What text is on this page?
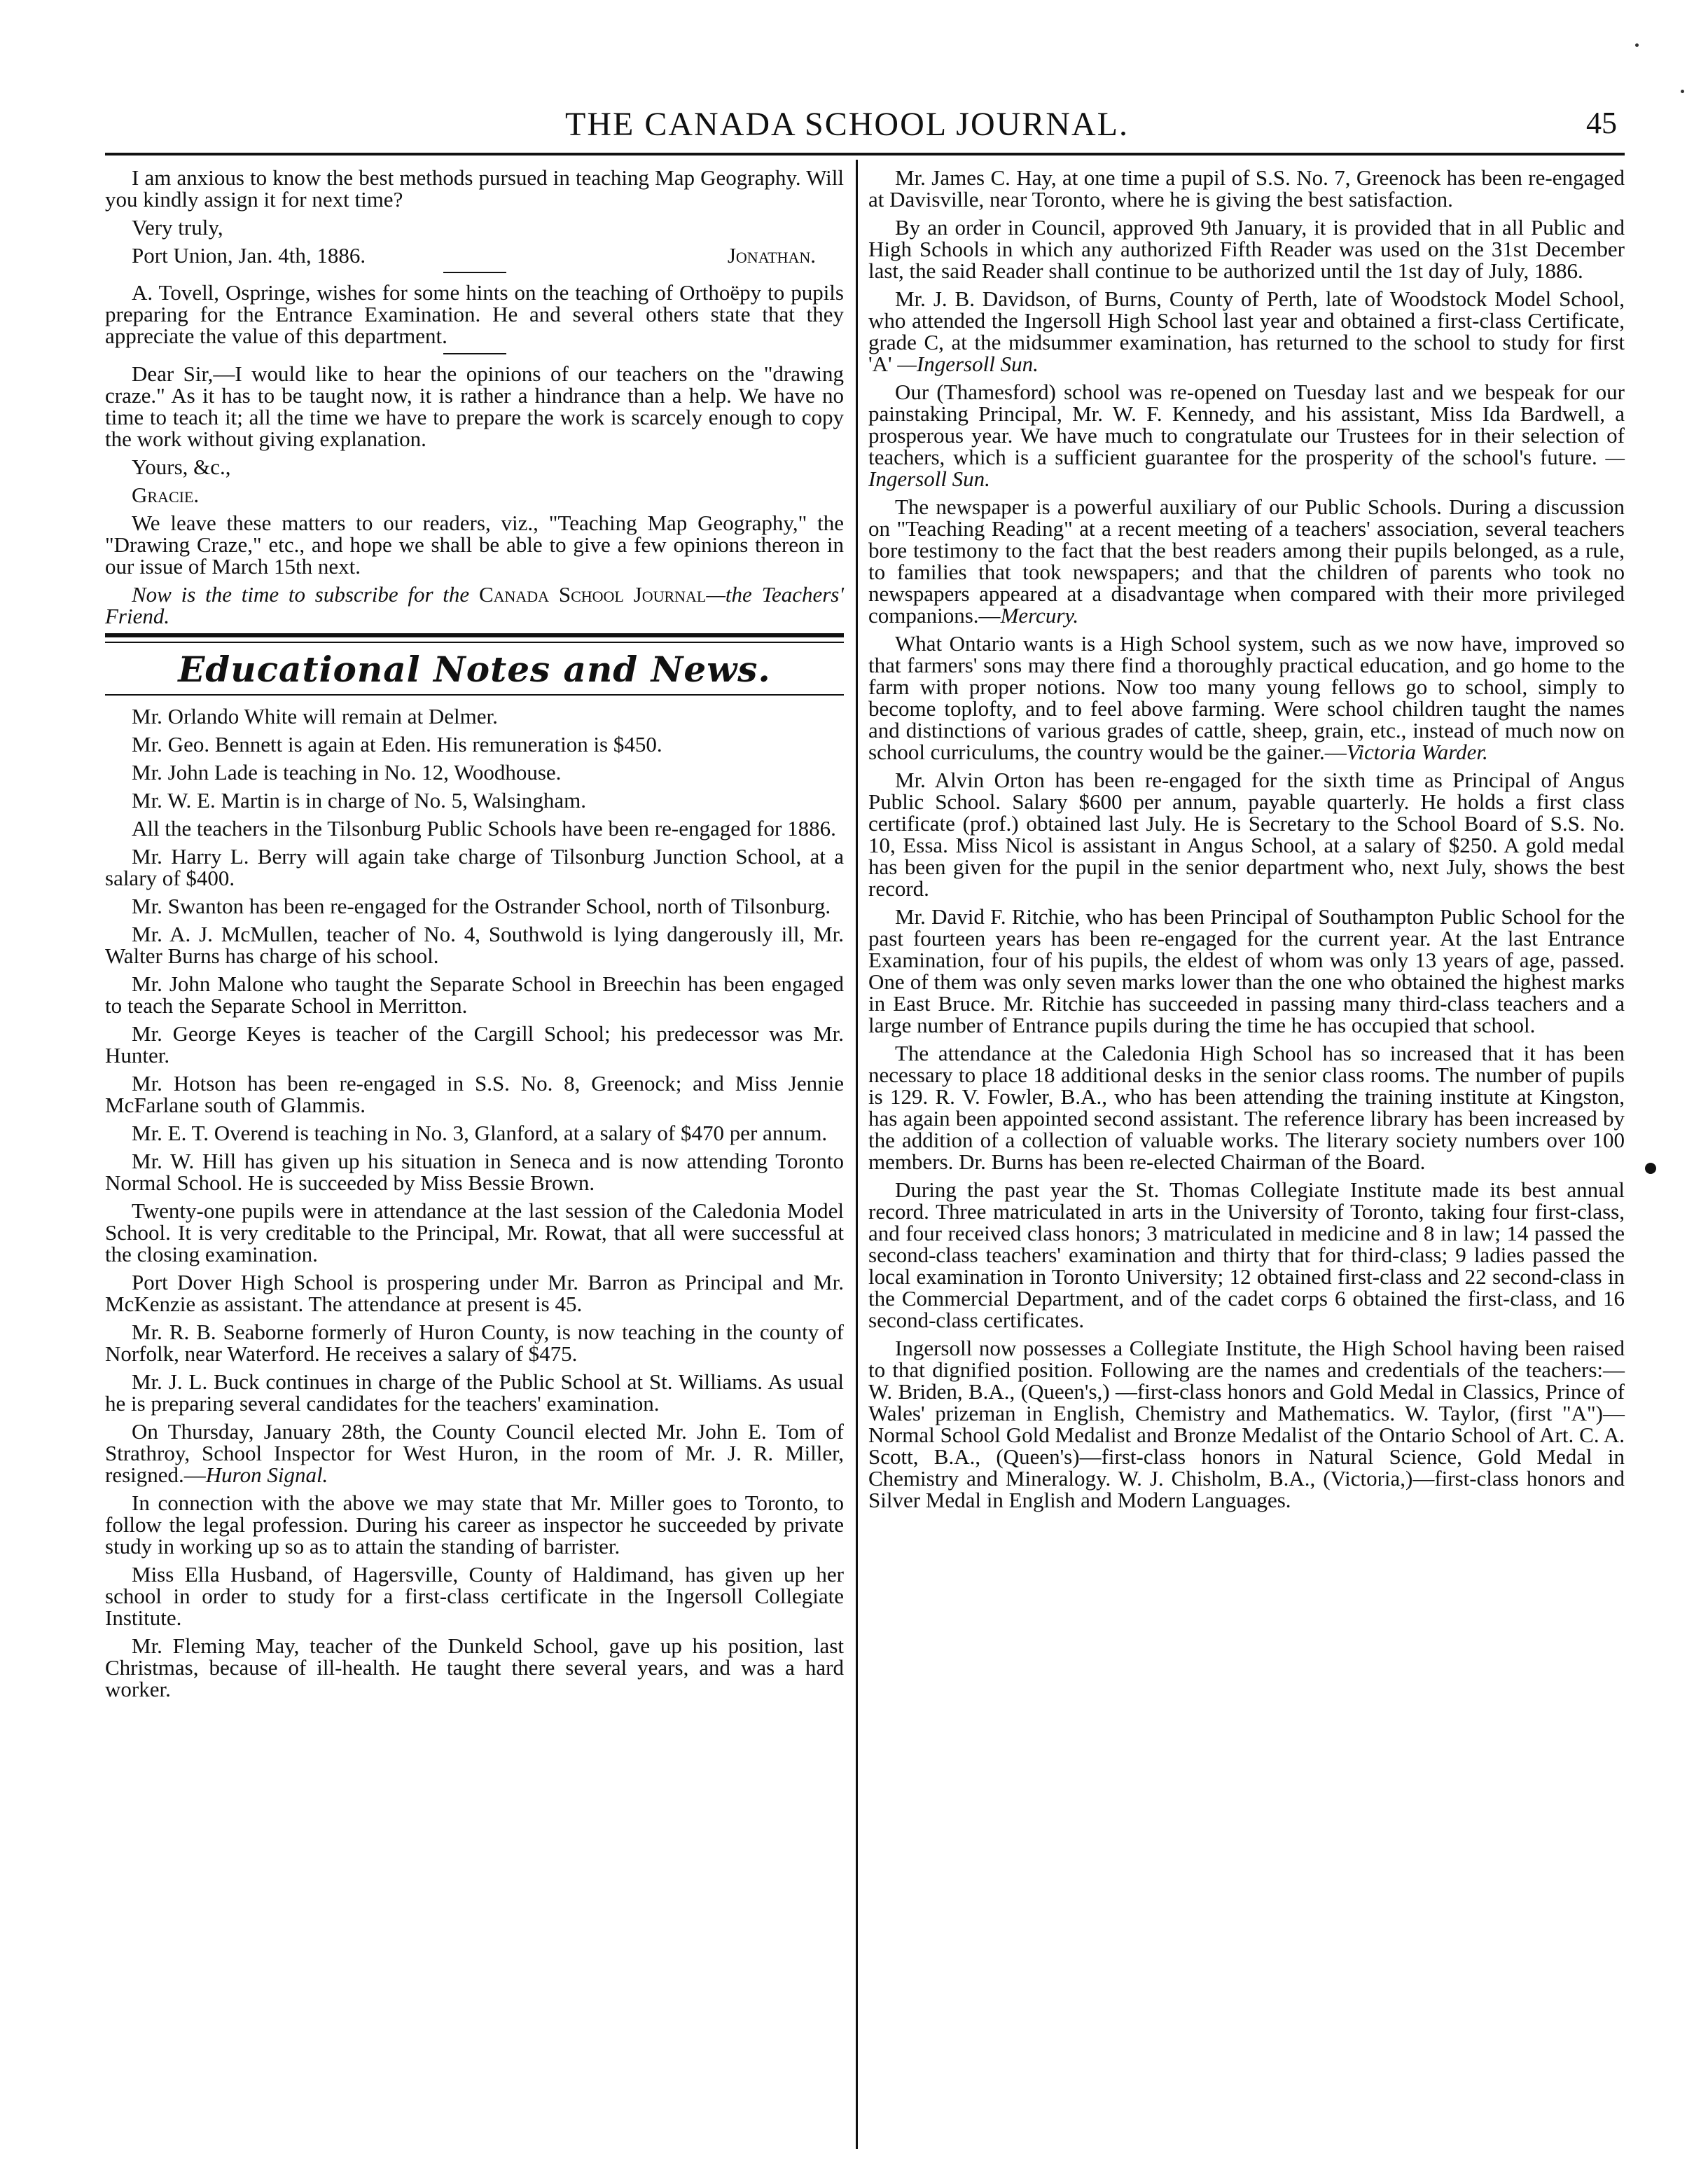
THE CANADA SCHOOL JOURNAL.	45

I am anxious to know the best methods pursued in teaching Map Geography. Will you kindly assign it for next time?

Very truly,

Port Union, Jan. 4th, 1886.	Jonathan.

A. Tovell, Ospringe, wishes for some hints on the teaching of Orthoëpy to pupils preparing for the Entrance Examination. He and several others state that they appreciate the value of this department.

Dear Sir,—I would like to hear the opinions of our teachers on the "drawing craze." As it has to be taught now, it is rather a hindrance than a help. We have no time to teach it; all the time we have to prepare the work is scarcely enough to copy the work without giving explanation.

Yours, &c.,

Gracie.

We leave these matters to our readers, viz., "Teaching Map Geography," the "Drawing Craze," etc., and hope we shall be able to give a few opinions thereon in our issue of March 15th next.

Now is the time to subscribe for the Canada School Journal—the Teachers' Friend.

Educational Notes and News.

Mr. Orlando White will remain at Delmer.

Mr. Geo. Bennett is again at Eden. His remuneration is $450.

Mr. John Lade is teaching in No. 12, Woodhouse.

Mr. W. E. Martin is in charge of No. 5, Walsingham.

All the teachers in the Tilsonburg Public Schools have been re-engaged for 1886.

Mr. Harry L. Berry will again take charge of Tilsonburg Junction School, at a salary of $400.

Mr. Swanton has been re-engaged for the Ostrander School, north of Tilsonburg.

Mr. A. J. McMullen, teacher of No. 4, Southwold is lying dangerously ill, Mr. Walter Burns has charge of his school.

Mr. John Malone who taught the Separate School in Breechin has been engaged to teach the Separate School in Merritton.

Mr. George Keyes is teacher of the Cargill School; his predecessor was Mr. Hunter.

Mr. Hotson has been re-engaged in S.S. No. 8, Greenock; and Miss Jennie McFarlane south of Glammis.

Mr. E. T. Overend is teaching in No. 3, Glanford, at a salary of $470 per annum.

Mr. W. Hill has given up his situation in Seneca and is now attending Toronto Normal School. He is succeeded by Miss Bessie Brown.

Twenty-one pupils were in attendance at the last session of the Caledonia Model School. It is very creditable to the Principal, Mr. Rowat, that all were successful at the closing examination.

Port Dover High School is prospering under Mr. Barron as Principal and Mr. McKenzie as assistant. The attendance at present is 45.

Mr. R. B. Seaborne formerly of Huron County, is now teaching in the county of Norfolk, near Waterford. He receives a salary of $475.

Mr. J. L. Buck continues in charge of the Public School at St. Williams. As usual he is preparing several candidates for the teachers' examination.

On Thursday, January 28th, the County Council elected Mr. John E. Tom of Strathroy, School Inspector for West Huron, in the room of Mr. J. R. Miller, resigned.—Huron Signal.

In connection with the above we may state that Mr. Miller goes to Toronto, to follow the legal profession. During his career as inspector he succeeded by private study in working up so as to attain the standing of barrister.

Miss Ella Husband, of Hagersville, County of Haldimand, has given up her school in order to study for a first-class certificate in the Ingersoll Collegiate Institute.

Mr. Fleming May, teacher of the Dunkeld School, gave up his position, last Christmas, because of ill-health. He taught there several years, and was a hard worker.

Mr. James C. Hay, at one time a pupil of S.S. No. 7, Greenock has been re-engaged at Davisville, near Toronto, where he is giving the best satisfaction.

By an order in Council, approved 9th January, it is provided that in all Public and High Schools in which any authorized Fifth Reader was used on the 31st December last, the said Reader shall continue to be authorized until the 1st day of July, 1886.

Mr. J. B. Davidson, of Burns, County of Perth, late of Woodstock Model School, who attended the Ingersoll High School last year and obtained a first-class Certificate, grade C, at the midsummer examination, has returned to the school to study for first 'A' —Ingersoll Sun.

Our (Thamesford) school was re-opened on Tuesday last and we bespeak for our painstaking Principal, Mr. W. F. Kennedy, and his assistant, Miss Ida Bardwell, a prosperous year. We have much to congratulate our Trustees for in their selection of teachers, which is a sufficient guarantee for the prosperity of the school's future. —Ingersoll Sun.

The newspaper is a powerful auxiliary of our Public Schools. During a discussion on "Teaching Reading" at a recent meeting of a teachers' association, several teachers bore testimony to the fact that the best readers among their pupils belonged, as a rule, to families that took newspapers; and that the children of parents who took no newspapers appeared at a disadvantage when compared with their more privileged companions.—Mercury.

What Ontario wants is a High School system, such as we now have, improved so that farmers' sons may there find a thoroughly practical education, and go home to the farm with proper notions. Now too many young fellows go to school, simply to become toplofty, and to feel above farming. Were school children taught the names and distinctions of various grades of cattle, sheep, grain, etc., instead of much now on school curriculums, the country would be the gainer.—Victoria Warder.

Mr. Alvin Orton has been re-engaged for the sixth time as Principal of Angus Public School. Salary $600 per annum, payable quarterly. He holds a first class certificate (prof.) obtained last July. He is Secretary to the School Board of S.S. No. 10, Essa. Miss Nicol is assistant in Angus School, at a salary of $250. A gold medal has been given for the pupil in the senior department who, next July, shows the best record.

Mr. David F. Ritchie, who has been Principal of Southampton Public School for the past fourteen years has been re-engaged for the current year. At the last Entrance Examination, four of his pupils, the eldest of whom was only 13 years of age, passed. One of them was only seven marks lower than the one who obtained the highest marks in East Bruce. Mr. Ritchie has succeeded in passing many third-class teachers and a large number of Entrance pupils during the time he has occupied that school.

The attendance at the Caledonia High School has so increased that it has been necessary to place 18 additional desks in the senior class rooms. The number of pupils is 129. R. V. Fowler, B.A., who has been attending the training institute at Kingston, has again been appointed second assistant. The reference library has been increased by the addition of a collection of valuable works. The literary society numbers over 100 members. Dr. Burns has been re-elected Chairman of the Board.

During the past year the St. Thomas Collegiate Institute made its best annual record. Three matriculated in arts in the University of Toronto, taking four first-class, and four received class honors; 3 matriculated in medicine and 8 in law; 14 passed the second-class teachers' examination and thirty that for third-class; 9 ladies passed the local examination in Toronto University; 12 obtained first-class and 22 second-class in the Commercial Department, and of the cadet corps 6 obtained the first-class, and 16 second-class certificates.

Ingersoll now possesses a Collegiate Institute, the High School having been raised to that dignified position. Following are the names and credentials of the teachers:—W. Briden, B.A., (Queen's,) —first-class honors and Gold Medal in Classics, Prince of Wales' prizeman in English, Chemistry and Mathematics. W. Taylor, (first "A")—Normal School Gold Medalist and Bronze Medalist of the Ontario School of Art. C. A. Scott, B.A., (Queen's)—first-class honors in Natural Science, Gold Medal in Chemistry and Mineralogy. W. J. Chisholm, B.A., (Victoria,)—first-class honors and Silver Medal in English and Modern Languages.
